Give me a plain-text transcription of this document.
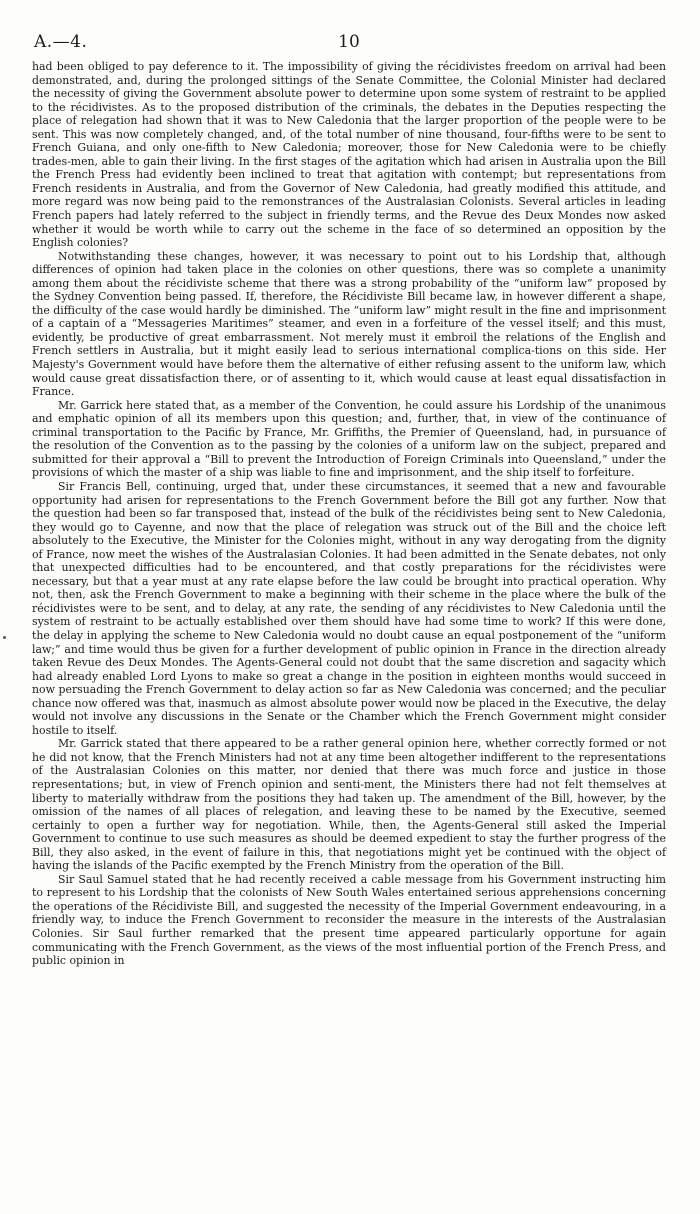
A.—4.	10

had been obliged to pay deference to it. The impossibility of giving the récidivistes freedom on arrival had been demonstrated, and, during the prolonged sittings of the Senate Committee, the Colonial Minister had declared the necessity of giving the Government absolute power to determine upon some system of restraint to be applied to the récidivistes. As to the proposed distribution of the criminals, the debates in the Deputies respecting the place of relegation had shown that it was to New Caledonia that the larger proportion of the people were to be sent. This was now completely changed, and, of the total number of nine thousand, four-fifths were to be sent to French Guiana, and only one-fifth to New Caledonia; moreover, those for New Caledonia were to be chiefly trades-men, able to gain their living. In the first stages of the agitation which had arisen in Australia upon the Bill the French Press had evidently been inclined to treat that agitation with contempt; but representations from French residents in Australia, and from the Governor of New Caledonia, had greatly modified this attitude, and more regard was now being paid to the remonstrances of the Australasian Colonists. Several articles in leading French papers had lately referred to the subject in friendly terms, and the Revue des Deux Mondes now asked whether it would be worth while to carry out the scheme in the face of so determined an opposition by the English colonies?

Notwithstanding these changes, however, it was necessary to point out to his Lordship that, although differences of opinion had taken place in the colonies on other questions, there was so complete a unanimity among them about the récidiviste scheme that there was a strong probability of the “uniform law” proposed by the Sydney Convention being passed. If, therefore, the Récidiviste Bill became law, in however different a shape, the difficulty of the case would hardly be diminished. The “uniform law” might result in the fine and imprisonment of a captain of a “Messageries Maritimes” steamer, and even in a forfeiture of the vessel itself; and this must, evidently, be productive of great embarrassment. Not merely must it embroil the relations of the English and French settlers in Australia, but it might easily lead to serious international complica-tions on this side. Her Majesty's Government would have before them the alternative of either refusing assent to the uniform law, which would cause great dissatisfaction there, or of assenting to it, which would cause at least equal dissatisfaction in France.

Mr. Garrick here stated that, as a member of the Convention, he could assure his Lordship of the unanimous and emphatic opinion of all its members upon this question; and, further, that, in view of the continuance of criminal transportation to the Pacific by France, Mr. Griffiths, the Premier of Queensland, had, in pursuance of the resolution of the Convention as to the passing by the colonies of a uniform law on the subject, prepared and submitted for their approval a “Bill to prevent the Introduction of Foreign Criminals into Queensland,” under the provisions of which the master of a ship was liable to fine and imprisonment, and the ship itself to forfeiture.

Sir Francis Bell, continuing, urged that, under these circumstances, it seemed that a new and favourable opportunity had arisen for representations to the French Government before the Bill got any further. Now that the question had been so far transposed that, instead of the bulk of the récidivistes being sent to New Caledonia, they would go to Cayenne, and now that the place of relegation was struck out of the Bill and the choice left absolutely to the Executive, the Minister for the Colonies might, without in any way derogating from the dignity of France, now meet the wishes of the Australasian Colonies. It had been admitted in the Senate debates, not only that unexpected difficulties had to be encountered, and that costly preparations for the récidivistes were necessary, but that a year must at any rate elapse before the law could be brought into practical operation. Why not, then, ask the French Government to make a beginning with their scheme in the place where the bulk of the récidivistes were to be sent, and to delay, at any rate, the sending of any récidivistes to New Caledonia until the system of restraint to be actually established over them should have had some time to work? If this were done, the delay in applying the scheme to New Caledonia would no doubt cause an equal postponement of the “uniform law;” and time would thus be given for a further development of public opinion in France in the direction already taken Revue des Deux Mondes. The Agents-General could not doubt that the same discretion and sagacity which had already enabled Lord Lyons to make so great a change in the position in eighteen months would succeed in now persuading the French Government to delay action so far as New Caledonia was concerned; and the peculiar chance now offered was that, inasmuch as almost absolute power would now be placed in the Executive, the delay would not involve any discussions in the Senate or the Chamber which the French Government might consider hostile to itself.

Mr. Garrick stated that there appeared to be a rather general opinion here, whether correctly formed or not he did not know, that the French Ministers had not at any time been altogether indifferent to the representations of the Australasian Colonies on this matter, nor denied that there was much force and justice in those representations; but, in view of French opinion and senti-ment, the Ministers there had not felt themselves at liberty to materially withdraw from the positions they had taken up. The amendment of the Bill, however, by the omission of the names of all places of relegation, and leaving these to be named by the Executive, seemed certainly to open a further way for negotiation. While, then, the Agents-General still asked the Imperial Government to continue to use such measures as should be deemed expedient to stay the further progress of the Bill, they also asked, in the event of failure in this, that negotiations might yet be continued with the object of having the islands of the Pacific exempted by the French Ministry from the operation of the Bill.

Sir Saul Samuel stated that he had recently received a cable message from his Government instructing him to represent to his Lordship that the colonists of New South Wales entertained serious apprehensions concerning the operations of the Récidiviste Bill, and suggested the necessity of the Imperial Government endeavouring, in a friendly way, to induce the French Government to reconsider the measure in the interests of the Australasian Colonies. Sir Saul further remarked that the present time appeared particularly opportune for again communicating with the French Government, as the views of the most influential portion of the French Press, and public opinion in
